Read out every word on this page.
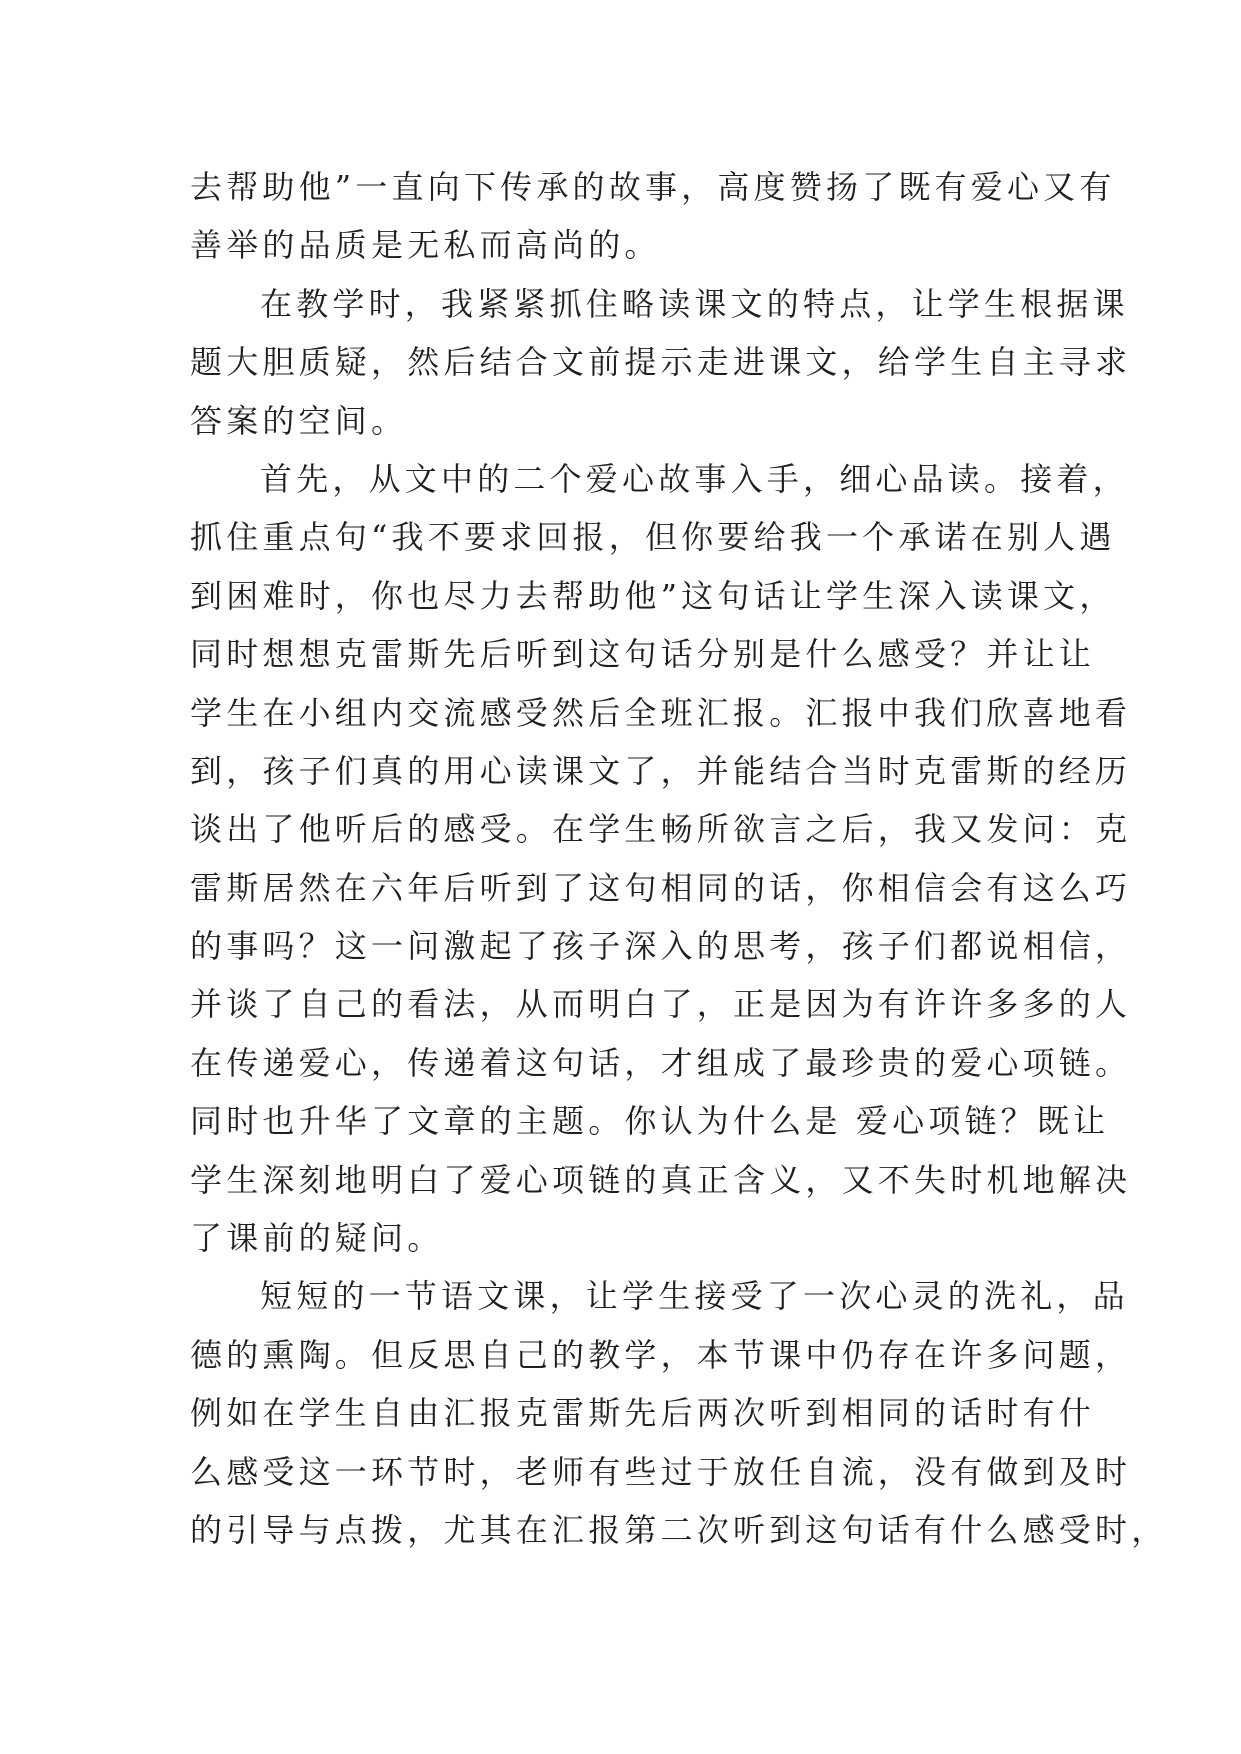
去帮助他”一直向下传承的故事，高度赞扬了既有爱心又有
善举的品质是无私而高尚的。
在教学时，我紧紧抓住略读课文的特点，让学生根据课
题大胆质疑，然后结合文前提示走进课文，给学生自主寻求
答案的空间。
首先，从文中的二个爱心故事入手，细心品读。接着，
抓住重点句“我不要求回报，但你要给我一个承诺在别人遇
到困难时，你也尽力去帮助他”这句话让学生深入读课文，
同时想想克雷斯先后听到这句话分别是什么感受？并让让
学生在小组内交流感受然后全班汇报。汇报中我们欣喜地看
到，孩子们真的用心读课文了，并能结合当时克雷斯的经历
谈出了他听后的感受。在学生畅所欲言之后，我又发问：克
雷斯居然在六年后听到了这句相同的话，你相信会有这么巧
的事吗？这一问激起了孩子深入的思考，孩子们都说相信，
并谈了自己的看法，从而明白了，正是因为有许许多多的人
在传递爱心，传递着这句话，才组成了最珍贵的爱心项链。
同时也升华了文章的主题。你认为什么是 爱心项链？既让
学生深刻地明白了爱心项链的真正含义，又不失时机地解决
了课前的疑问。
短短的一节语文课，让学生接受了一次心灵的洗礼，品
德的熏陶。但反思自己的教学，本节课中仍存在许多问题，
例如在学生自由汇报克雷斯先后两次听到相同的话时有什
么感受这一环节时，老师有些过于放任自流，没有做到及时
的引导与点拨，尤其在汇报第二次听到这句话有什么感受时，
